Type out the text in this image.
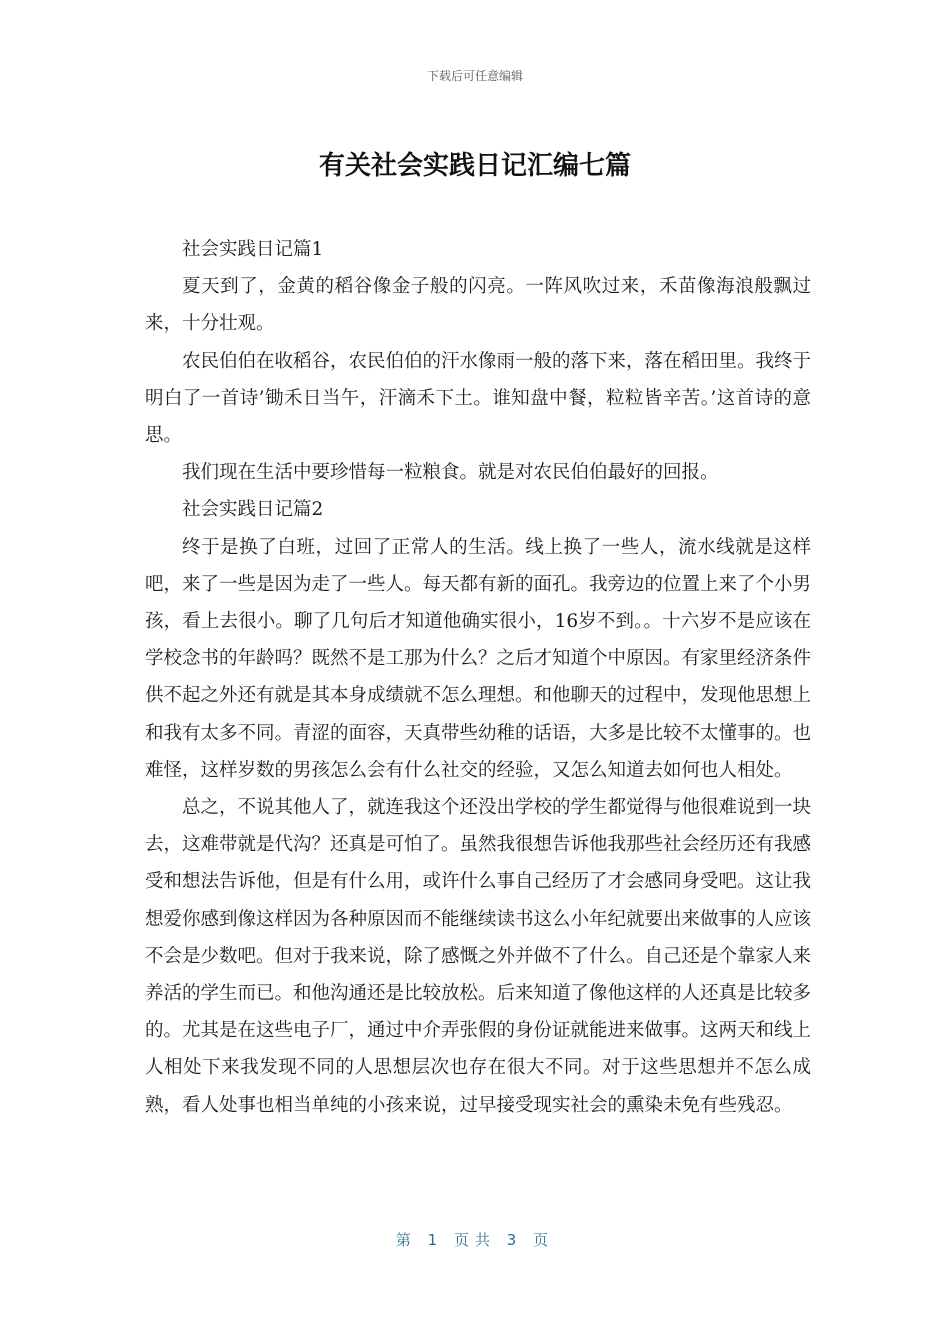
下载后可任意编辑
有关社会实践日记汇编七篇

社会实践日记篇1

夏天到了，金黄的稻谷像金子般的闪亮。一阵风吹过来，禾苗像海浪般飘过来，十分壮观。

农民伯伯在收稻谷，农民伯伯的汗水像雨一般的落下来，落在稻田里。我终于明白了一首诗’锄禾日当午，汗滴禾下土。谁知盘中餐，粒粒皆辛苦。’这首诗的意思。

我们现在生活中要珍惜每一粒粮食。就是对农民伯伯最好的回报。

社会实践日记篇2

终于是换了白班，过回了正常人的生活。线上换了一些人，流水线就是这样吧，来了一些是因为走了一些人。每天都有新的面孔。我旁边的位置上来了个小男孩，看上去很小。聊了几句后才知道他确实很小，16岁不到。。十六岁不是应该在学校念书的年龄吗？既然不是工那为什么？之后才知道个中原因。有家里经济条件供不起之外还有就是其本身成绩就不怎么理想。和他聊天的过程中，发现他思想上和我有太多不同。青涩的面容，天真带些幼稚的话语，大多是比较不太懂事的。也难怪，这样岁数的男孩怎么会有什么社交的经验，又怎么知道去如何也人相处。

总之，不说其他人了，就连我这个还没出学校的学生都觉得与他很难说到一块去，这难带就是代沟？还真是可怕了。虽然我很想告诉他我那些社会经历还有我感受和想法告诉他，但是有什么用，或许什么事自己经历了才会感同身受吧。这让我想爱你感到像这样因为各种原因而不能继续读书这么小年纪就要出来做事的人应该不会是少数吧。但对于我来说，除了感慨之外并做不了什么。自己还是个靠家人来养活的学生而已。和他沟通还是比较放松。后来知道了像他这样的人还真是比较多的。尤其是在这些电子厂，通过中介弄张假的身份证就能进来做事。这两天和线上人相处下来我发现不同的人思想层次也存在很大不同。对于这些思想并不怎么成熟，看人处事也相当单纯的小孩来说，过早接受现实社会的熏染未免有些残忍。

第 1 页共 3 页
